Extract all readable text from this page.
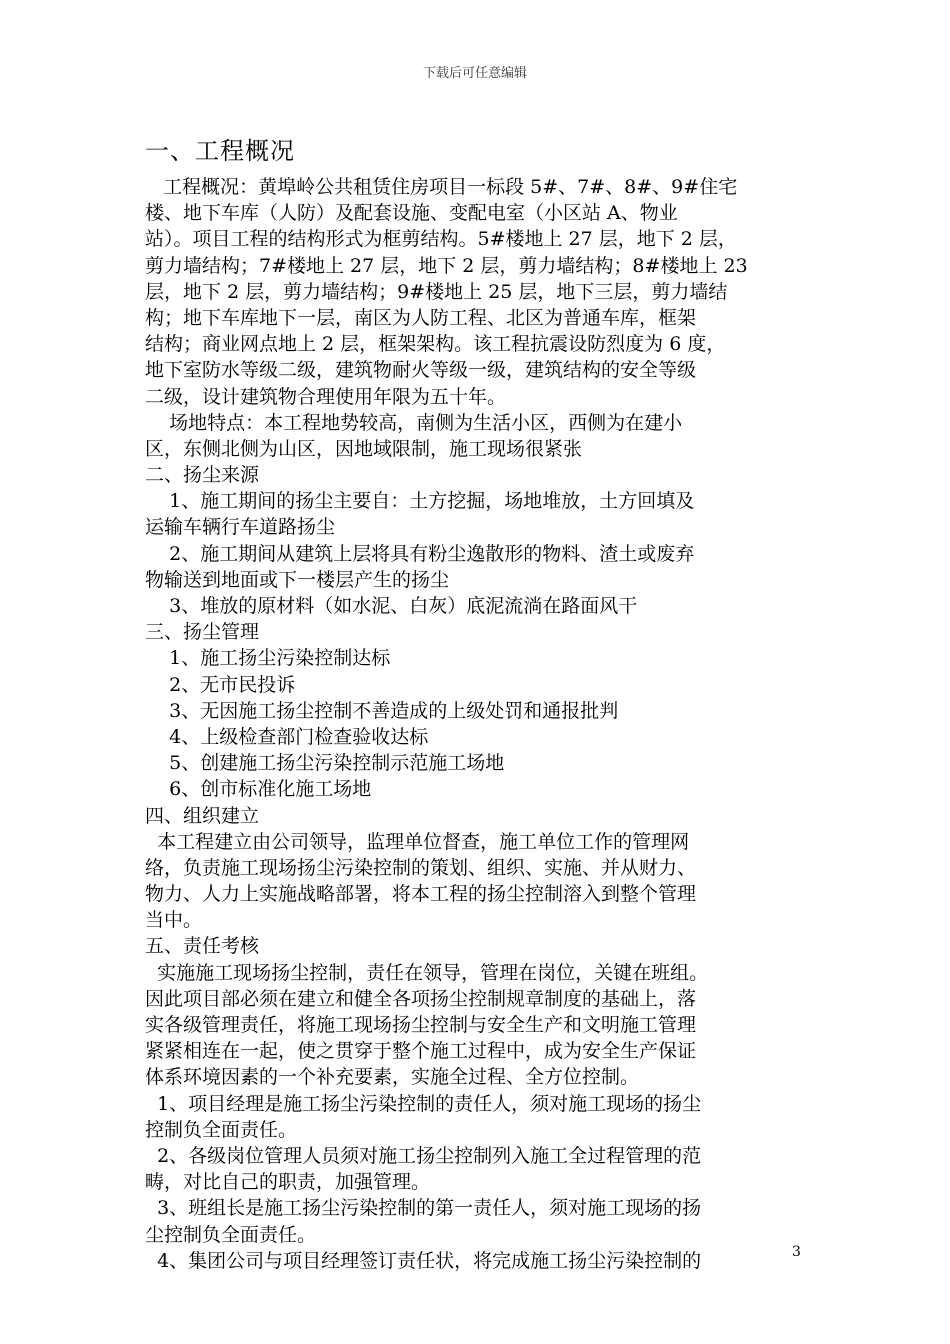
下载后可任意编辑
一、工程概况
工程概况：黄埠岭公共租赁住房项目一标段 5#、7#、8#、9#住宅
楼、地下车库（人防）及配套设施、变配电室（小区站 A、物业
站）。项目工程的结构形式为框剪结构。5#楼地上 27 层，地下 2 层，
剪力墙结构；7#楼地上 27 层，地下 2 层，剪力墙结构；8#楼地上 23
层，地下 2 层，剪力墙结构；9#楼地上 25 层，地下三层，剪力墙结
构；地下车库地下一层，南区为人防工程、北区为普通车库，框架
结构；商业网点地上 2 层，框架架构。该工程抗震设防烈度为 6 度，
地下室防水等级二级，建筑物耐火等级一级，建筑结构的安全等级
二级，设计建筑物合理使用年限为五十年。
场地特点：本工程地势较高，南侧为生活小区，西侧为在建小
区，东侧北侧为山区，因地域限制，施工现场很紧张
二、扬尘来源
1、施工期间的扬尘主要自：土方挖掘，场地堆放，土方回填及
运输车辆行车道路扬尘
2、施工期间从建筑上层将具有粉尘逸散形的物料、渣土或废弃
物输送到地面或下一楼层产生的扬尘
3、堆放的原材料（如水泥、白灰）底泥流淌在路面风干
三、扬尘管理
1、施工扬尘污染控制达标
2、无市民投诉
3、无因施工扬尘控制不善造成的上级处罚和通报批判
4、上级检查部门检查验收达标
5、创建施工扬尘污染控制示范施工场地
6、创市标准化施工场地
四、组织建立
本工程建立由公司领导，监理单位督查，施工单位工作的管理网
络，负责施工现场扬尘污染控制的策划、组织、实施、并从财力、
物力、人力上实施战略部署，将本工程的扬尘控制溶入到整个管理
当中。
五、责任考核
实施施工现场扬尘控制，责任在领导，管理在岗位，关键在班组。
因此项目部必须在建立和健全各项扬尘控制规章制度的基础上，落
实各级管理责任，将施工现场扬尘控制与安全生产和文明施工管理
紧紧相连在一起，使之贯穿于整个施工过程中，成为安全生产保证
体系环境因素的一个补充要素，实施全过程、全方位控制。
1、项目经理是施工扬尘污染控制的责任人，须对施工现场的扬尘
控制负全面责任。
2、各级岗位管理人员须对施工扬尘控制列入施工全过程管理的范
畴，对比自己的职责，加强管理。
3、班组长是施工扬尘污染控制的第一责任人，须对施工现场的扬
尘控制负全面责任。
4、集团公司与项目经理签订责任状，将完成施工扬尘污染控制的	3
